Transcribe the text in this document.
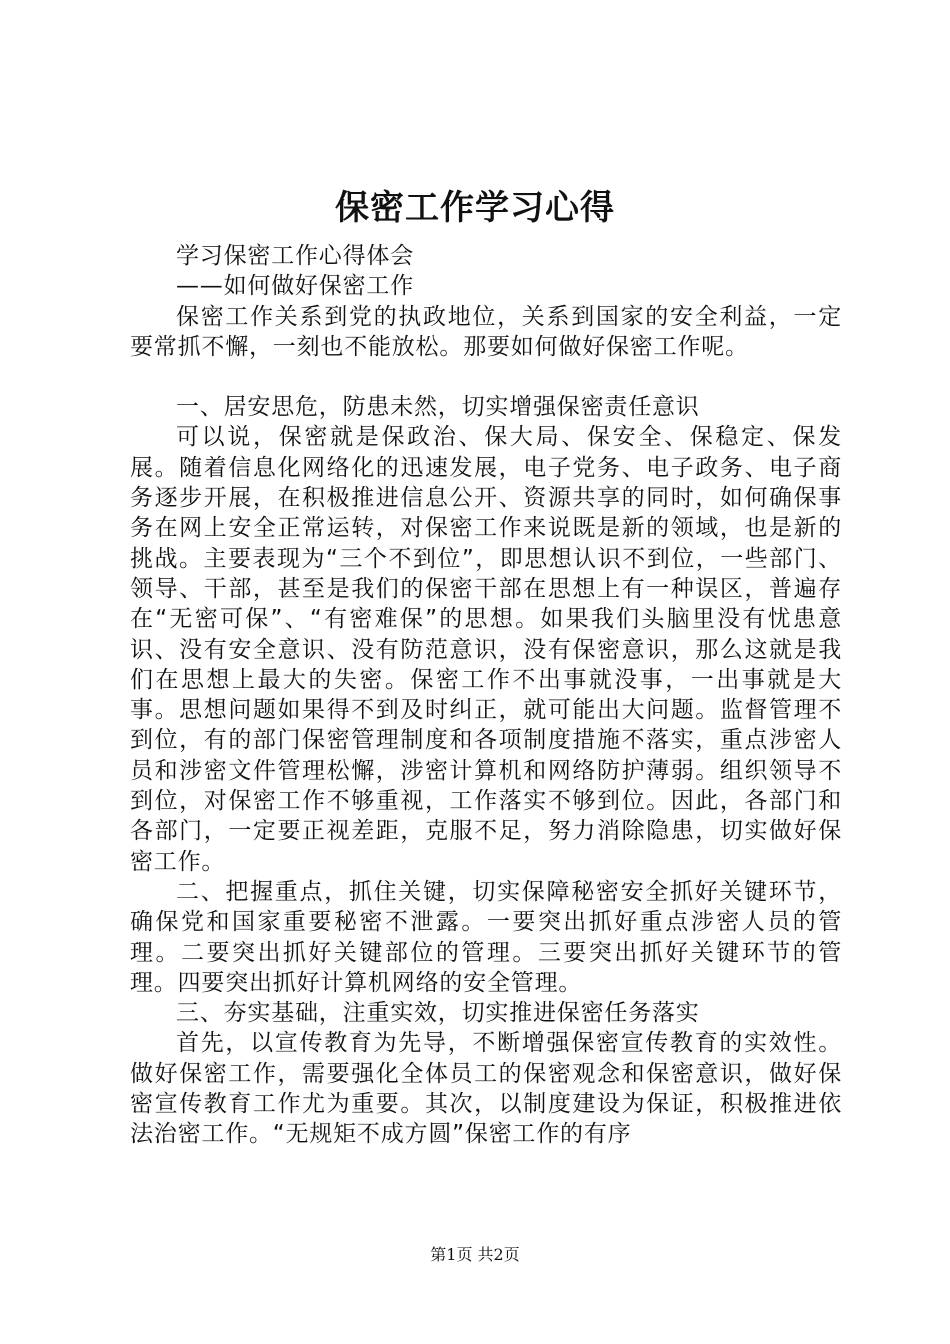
保密工作学习心得

学习保密工作心得体会

——如何做好保密工作

保密工作关系到党的执政地位，关系到国家的安全利益，一定要常抓不懈，一刻也不能放松。那要如何做好保密工作呢。

一、居安思危，防患未然，切实增强保密责任意识

可以说，保密就是保政治、保大局、保安全、保稳定、保发展。随着信息化网络化的迅速发展，电子党务、电子政务、电子商务逐步开展，在积极推进信息公开、资源共享的同时，如何确保事务在网上安全正常运转，对保密工作来说既是新的领域，也是新的挑战。主要表现为“三个不到位”，即思想认识不到位，一些部门、领导、干部，甚至是我们的保密干部在思想上有一种误区，普遍存在“无密可保”、“有密难保”的思想。如果我们头脑里没有忧患意识、没有安全意识、没有防范意识，没有保密意识，那么这就是我们在思想上最大的失密。保密工作不出事就没事，一出事就是大事。思想问题如果得不到及时纠正，就可能出大问题。监督管理不到位，有的部门保密管理制度和各项制度措施不落实，重点涉密人员和涉密文件管理松懈，涉密计算机和网络防护薄弱。组织领导不到位，对保密工作不够重视，工作落实不够到位。因此，各部门和各部门，一定要正视差距，克服不足，努力消除隐患，切实做好保密工作。

二、把握重点，抓住关键，切实保障秘密安全抓好关键环节，确保党和国家重要秘密不泄露。一要突出抓好重点涉密人员的管理。二要突出抓好关键部位的管理。三要突出抓好关键环节的管理。四要突出抓好计算机网络的安全管理。

三、夯实基础，注重实效，切实推进保密任务落实

首先，以宣传教育为先导，不断增强保密宣传教育的实效性。做好保密工作，需要强化全体员工的保密观念和保密意识，做好保密宣传教育工作尤为重要。其次，以制度建设为保证，积极推进依法治密工作。“无规矩不成方圆”保密工作的有序

第1页 共2页
